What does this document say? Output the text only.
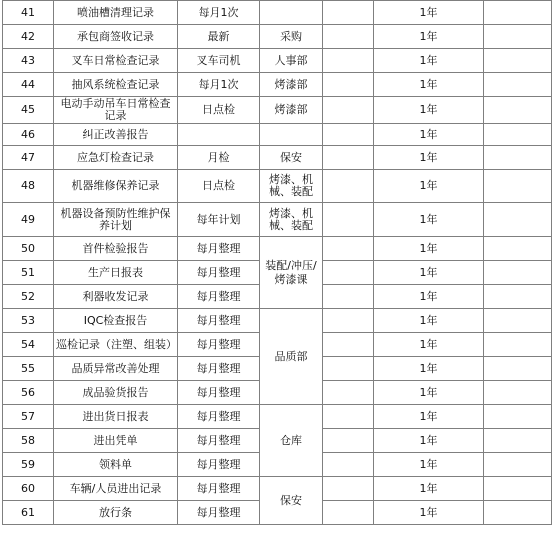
41	喷油槽清理记录	每月1次			1年	
42	承包商签收记录	最新	采购		1年	
43	叉车日常检查记录	叉车司机	人事部		1年	
44	抽风系统检查记录	每月1次	烤漆部		1年	
45	电动手动吊车日常检查记录	日点检	烤漆部		1年	
46	纠正改善报告				1年	
47	应急灯检查记录	月检	保安		1年	
48	机器维修保养记录	日点检	烤漆、机械、装配		1年	
49	机器设备预防性维护保养计划	每年计划	烤漆、机械、装配		1年	
50	首件检验报告	每月整理	装配/冲压/烤漆课		1年	
51	生产日报表	每月整理			1年	
52	利器收发记录	每月整理			1年	
53	IQC检查报告	每月整理	品质部		1年	
54	巡检记录（注塑、组装）	每月整理			1年	
55	品质异常改善处理	每月整理			1年	
56	成品验货报告	每月整理			1年	
57	进出货日报表	每月整理	仓库		1年	
58	进出凭单	每月整理			1年	
59	领料单	每月整理			1年	
60	车辆/人员进出记录	每月整理	保安		1年	
61	放行条	每月整理			1年	
